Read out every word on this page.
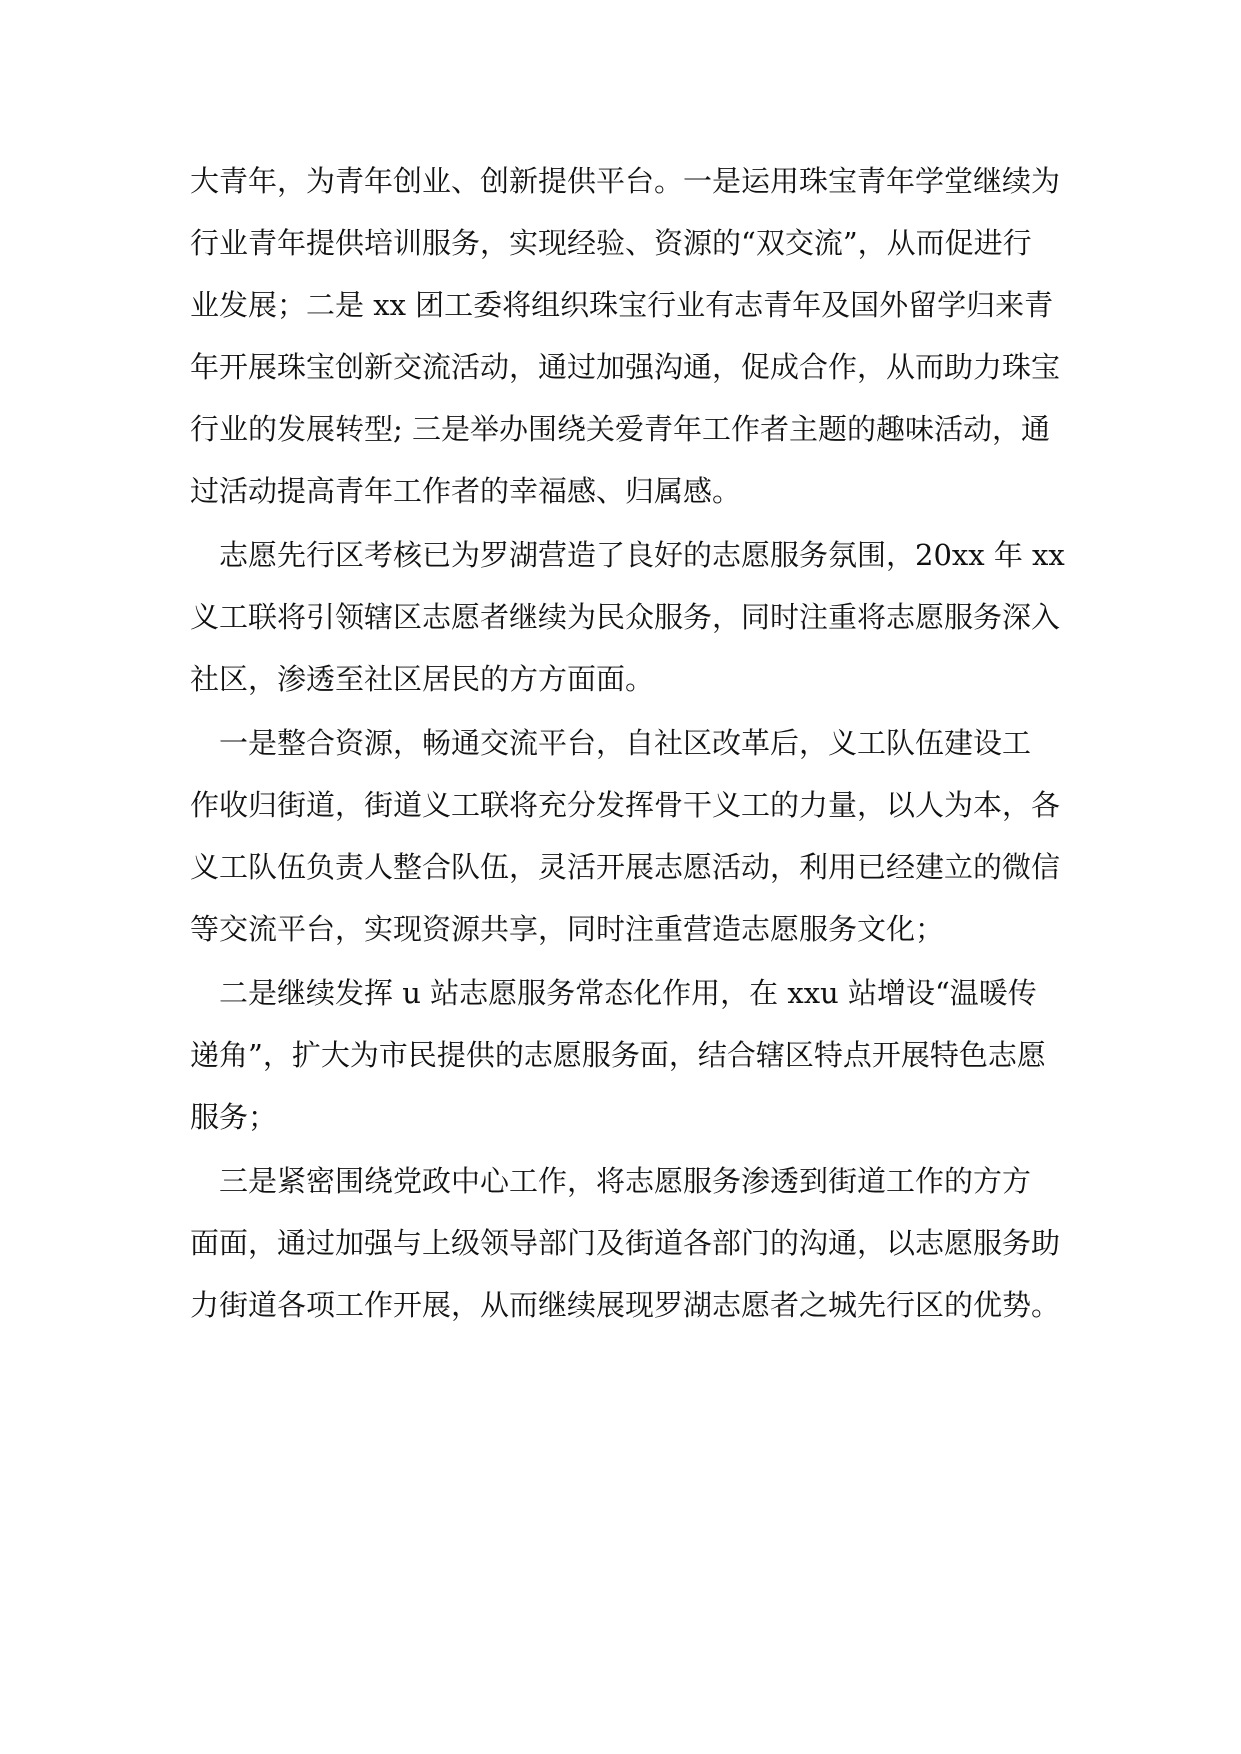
大青年，为青年创业、创新提供平台。一是运用珠宝青年学堂继续为
行业青年提供培训服务，实现经验、资源的“双交流”，从而促进行
业发展；二是 xx 团工委将组织珠宝行业有志青年及国外留学归来青
年开展珠宝创新交流活动，通过加强沟通，促成合作，从而助力珠宝
行业的发展转型; 三是举办围绕关爱青年工作者主题的趣味活动，通
过活动提高青年工作者的幸福感、归属感。
　志愿先行区考核已为罗湖营造了良好的志愿服务氛围，20xx 年 xx
义工联将引领辖区志愿者继续为民众服务，同时注重将志愿服务深入
社区，渗透至社区居民的方方面面。
　一是整合资源，畅通交流平台，自社区改革后，义工队伍建设工
作收归街道，街道义工联将充分发挥骨干义工的力量，以人为本，各
义工队伍负责人整合队伍，灵活开展志愿活动，利用已经建立的微信
等交流平台，实现资源共享，同时注重营造志愿服务文化；
　二是继续发挥 u 站志愿服务常态化作用，在 xxu 站增设“温暖传
递角”，扩大为市民提供的志愿服务面，结合辖区特点开展特色志愿
服务；
　三是紧密围绕党政中心工作，将志愿服务渗透到街道工作的方方
面面，通过加强与上级领导部门及街道各部门的沟通，以志愿服务助
力街道各项工作开展，从而继续展现罗湖志愿者之城先行区的优势。
